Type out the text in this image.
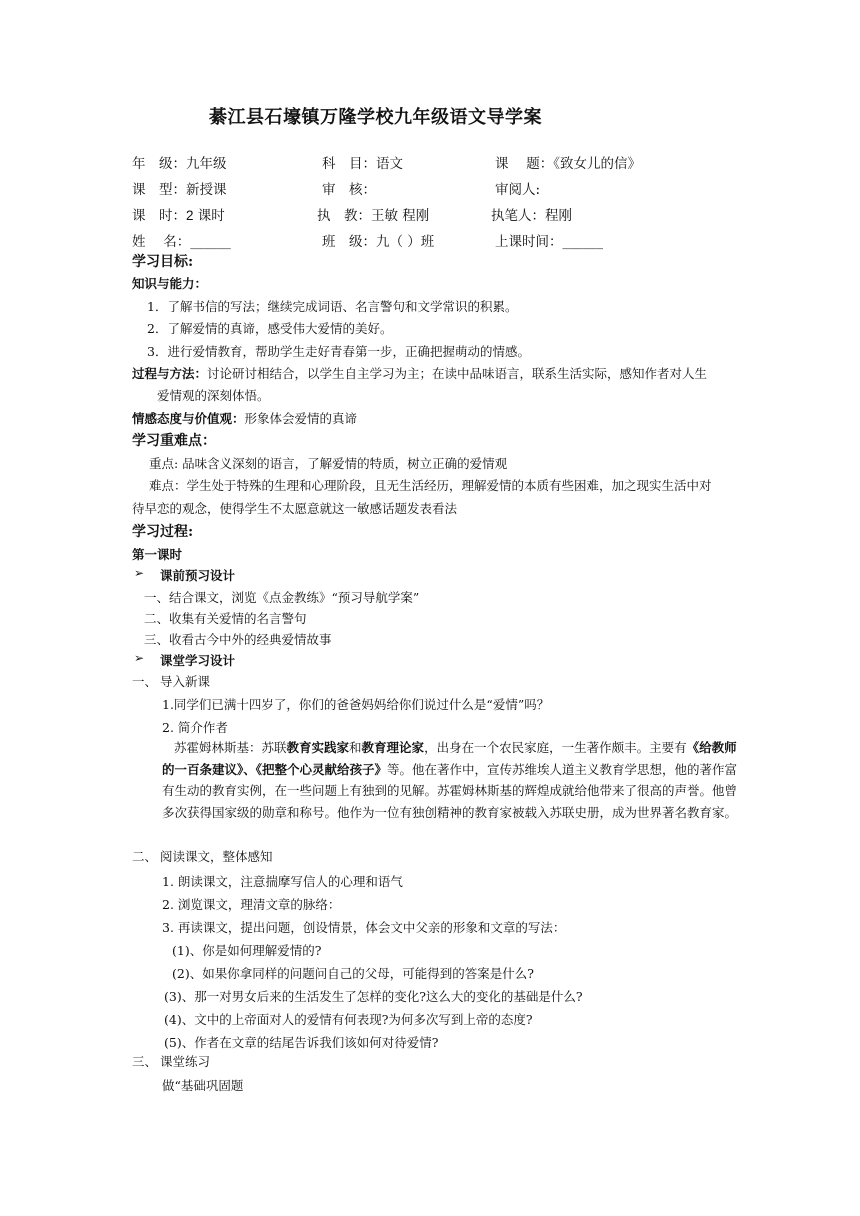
綦江县石壕镇万隆学校九年级语文导学案
年　级：九年级	科　目：语文	课　 题：《致女儿的信》
课　型：新授课	审　核：	审阅人:
课　时：2 课时	执　教：王敏 程刚	执笔人：程刚
姓　 名：______	班　级：九（ ）班	上课时间：______
学习目标:
知识与能力：
1．了解书信的写法；继续完成词语、名言警句和文学常识的积累。
2．了解爱情的真谛，感受伟大爱情的美好。
3．进行爱情教育，帮助学生走好青春第一步，正确把握萌动的情感。
过程与方法：讨论研讨相结合，以学生自主学习为主；在读中品味语言，联系生活实际，感知作者对人生
爱情观的深刻体悟。
情感态度与价值观：形象体会爱情的真谛
学习重难点：
重点: 品味含义深刻的语言，了解爱情的特质，树立正确的爱情观
难点：学生处于特殊的生理和心理阶段，且无生活经历，理解爱情的本质有些困难，加之现实生活中对
待早恋的观念，使得学生不太愿意就这一敏感话题发表看法
学习过程:
第一课时
➢ 课前预习设计
一、结合课文，浏览《点金教练》“预习导航学案”
二、收集有关爱情的名言警句
三、收看古今中外的经典爱情故事
➢ 课堂学习设计
一、 导入新课
1.同学们已满十四岁了，你们的爸爸妈妈给你们说过什么是“爱情”吗？
2. 简介作者
苏霍姆林斯基：苏联教育实践家和教育理论家，出身在一个农民家庭，一生著作颇丰。主要有《给教师的一百条建议》、《把整个心灵献给孩子》等。他在著作中，宣传苏维埃人道主义教育学思想，他的著作富有生动的教育实例，在一些问题上有独到的见解。苏霍姆林斯基的辉煌成就给他带来了很高的声誉。他曾多次获得国家级的勋章和称号。他作为一位有独创精神的教育家被载入苏联史册，成为世界著名教育家。
二、 阅读课文，整体感知
1. 朗读课文，注意揣摩写信人的心理和语气
2. 浏览课文，理清文章的脉络：
3. 再读课文，提出问题，创设情景，体会文中父亲的形象和文章的写法：
(1)、你是如何理解爱情的?
(2)、如果你拿同样的问题问自己的父母，可能得到的答案是什么?
(3)、那一对男女后来的生活发生了怎样的变化?这么大的变化的基础是什么?
(4)、文中的上帝面对人的爱情有何表现?为何多次写到上帝的态度?
(5)、作者在文章的结尾告诉我们该如何对待爱情?
三、 课堂练习
做“基础巩固题
